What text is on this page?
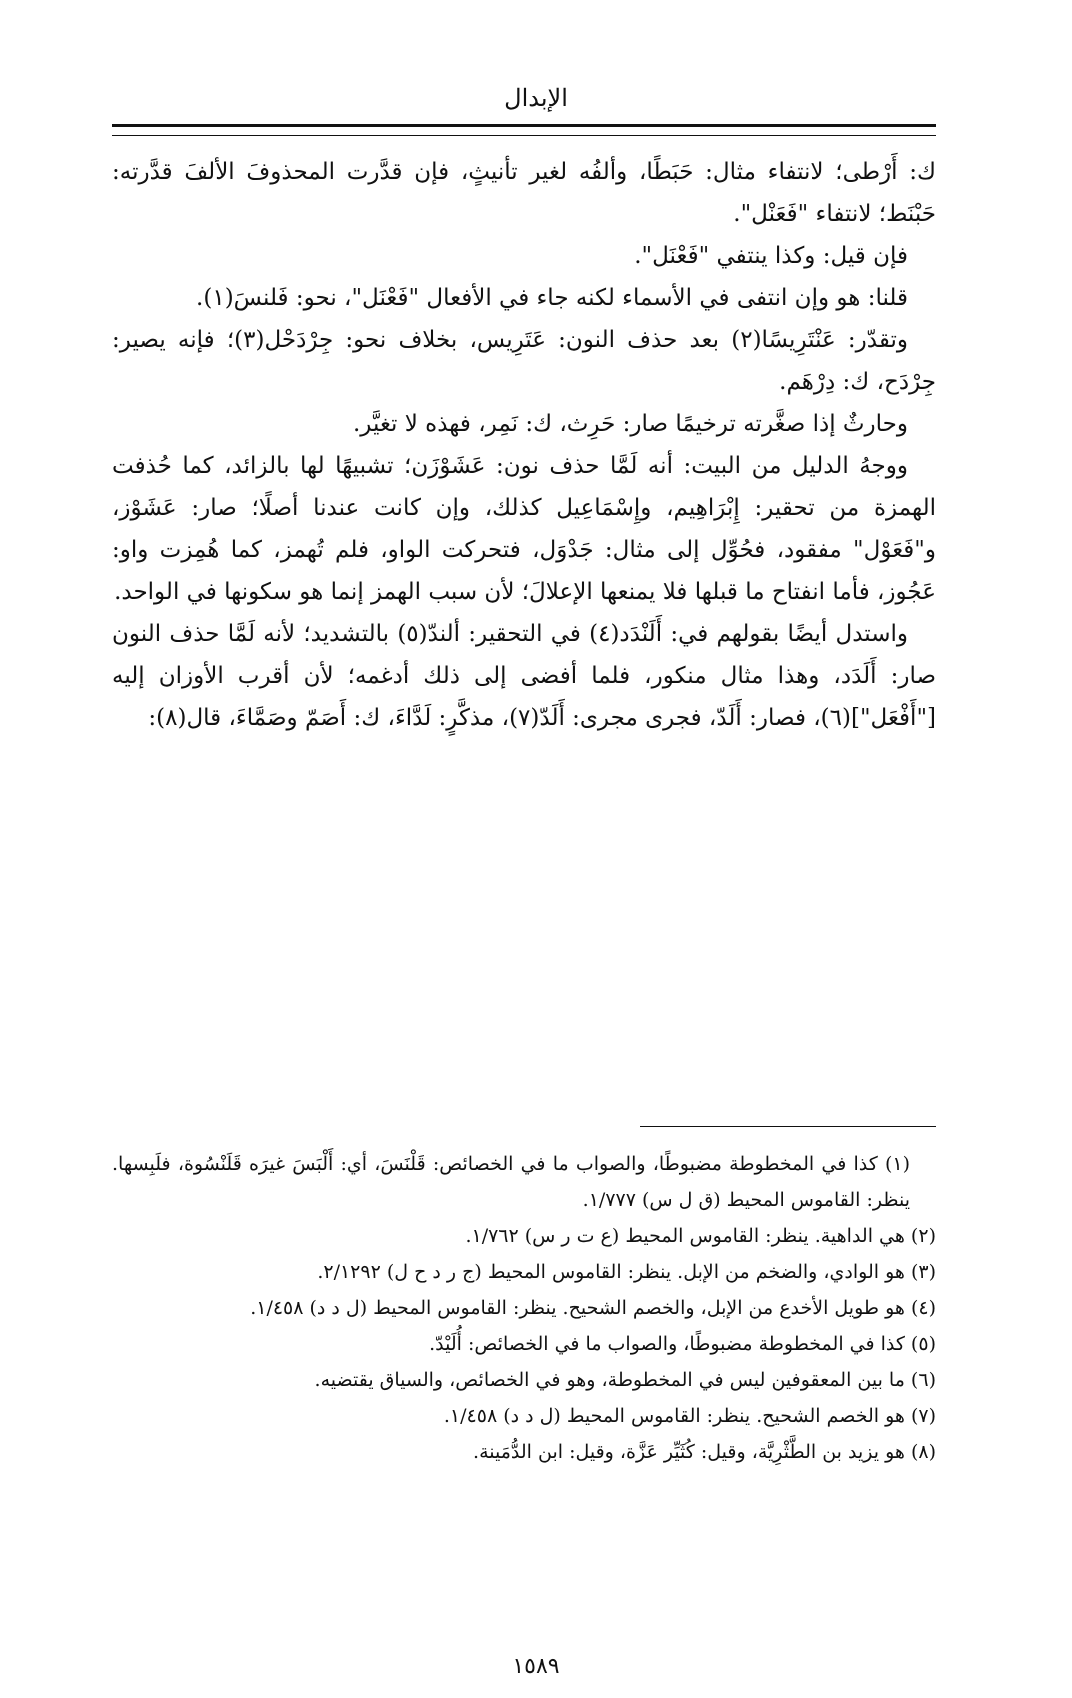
الإبدال

ك: أَرْطى؛ لانتفاء مثال: حَبَطًا، وألفُه لغير تأنيثٍ، فإن قدَّرت المحذوفَ الألفَ قدَّرته: حَبْنَط؛ لانتفاء "فَعَنْل".

فإن قيل: وكذا ينتفي "فَعْنَل".

قلنا: هو وإن انتفى في الأسماء لكنه جاء في الأفعال "فَعْنَل"، نحو: فَلنسَ(١).

وتقدّر: عَنْتَرِيسًا(٢) بعد حذف النون: عَتَرِيس، بخلاف نحو: جِرْدَحْل(٣)؛ فإنه يصير: جِرْدَح، ك: دِرْهَم.

وحارثٌ إذا صغَّرته ترخيمًا صار: حَرِث، ك: نَمِر، فهذه لا تغيَّر.

ووجهُ الدليل من البيت: أنه لَمَّا حذف نون: عَشَوْزَن؛ تشبيهًا لها بالزائد، كما حُذفت الهمزة من تحقير: إِبْرَاهِيم، وإِسْمَاعِيل كذلك، وإن كانت عندنا أصلًا؛ صار: عَشَوْز، و"فَعَوْل" مفقود، فحُوِّل إلى مثال: جَدْوَل، فتحركت الواو، فلم تُهمز، كما هُمِزت واو: عَجُوز، فأما انفتاح ما قبلها فلا يمنعها الإعلالَ؛ لأن سبب الهمز إنما هو سكونها في الواحد.

واستدل أيضًا بقولهم في: أَلَنْدَد(٤) في التحقير: ألندّ(٥) بالتشديد؛ لأنه لَمَّا حذف النون صار: أَلَدَد، وهذا مثال منكور، فلما أفضى إلى ذلك أدغمه؛ لأن أقرب الأوزان إليه ["أَفْعَل"](٦)، فصار: أَلَدّ، فجرى مجرى: أَلَدّ(٧)، مذكَّرٍ: لَدَّاءَ، ك: أَصَمّ وصَمَّاءَ، قال(٨):

(١) كذا في المخطوطة مضبوطًا، والصواب ما في الخصائص: قَلْنَسَ، أي: أَلْبَسَ غيرَه قَلَنْسُوة، فلَبِسها. ينظر: القاموس المحيط (ق ل س) ١/٧٧٧.

(٢) هي الداهية. ينظر: القاموس المحيط (ع ت ر س) ١/٧٦٢.

(٣) هو الوادي، والضخم من الإبل. ينظر: القاموس المحيط (ج ر د ح ل) ٢/١٢٩٢.

(٤) هو طويل الأخدع من الإبل، والخصم الشحيح. ينظر: القاموس المحيط (ل د د) ١/٤٥٨.

(٥) كذا في المخطوطة مضبوطًا، والصواب ما في الخصائص: أُلَيْدّ.

(٦) ما بين المعقوفين ليس في المخطوطة، وهو في الخصائص، والسياق يقتضيه.

(٧) هو الخصم الشحيح. ينظر: القاموس المحيط (ل د د) ١/٤٥٨.

(٨) هو يزيد بن الطَّثْرِيَّة، وقيل: كُثَيِّر عَزَّة، وقيل: ابن الدُّمَينة.

١٥٨٩
